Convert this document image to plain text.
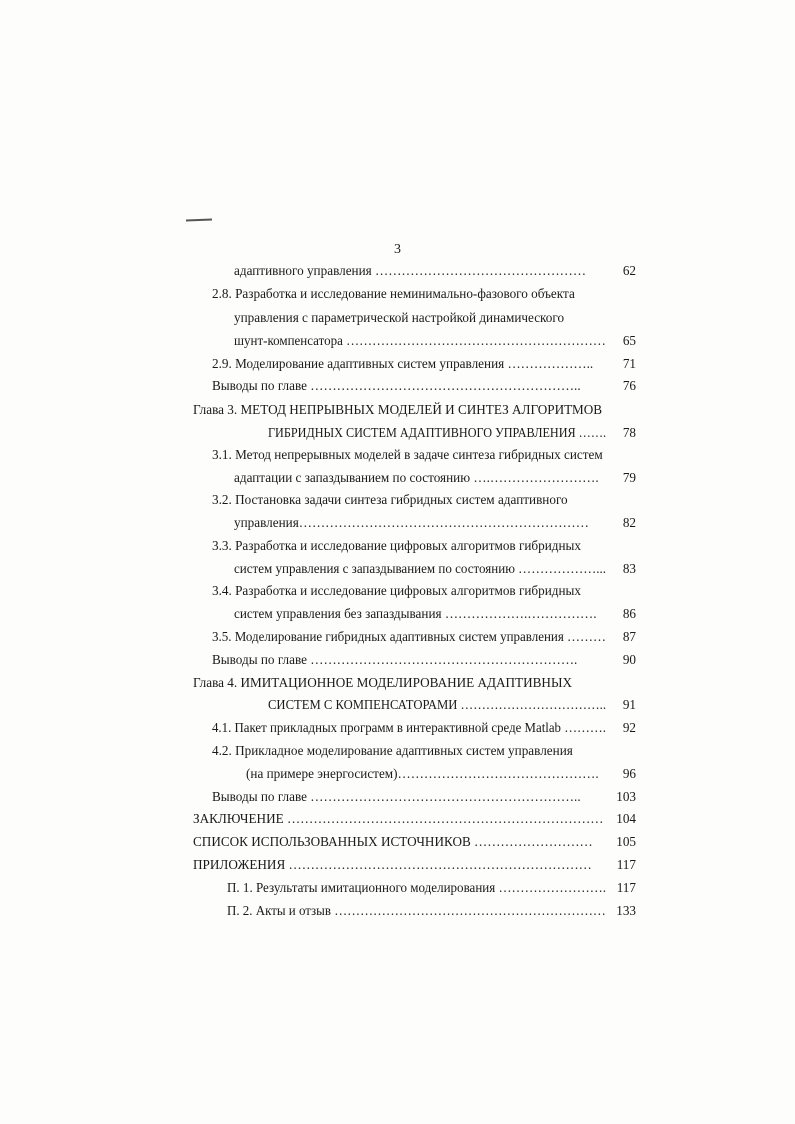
3
адаптивного управления …………………………………………	62
2.8. Разработка и исследование неминимально-фазового объекта
управления с параметрической настройкой динамического
шунт-компенсатора ……………………………………………………	65
2.9. Моделирование адаптивных систем управления ………………..	71
Выводы по главе ……………………………………………………..	76
Глава 3. МЕТОД НЕПРЫВНЫХ МОДЕЛЕЙ И СИНТЕЗ АЛГОРИТМОВ
ГИБРИДНЫХ СИСТЕМ АДАПТИВНОГО УПРАВЛЕНИЯ …….	78
3.1. Метод непрерывных моделей в задаче синтеза гибридных систем
адаптации с запаздыванием по состоянию ….…………………….	79
3.2. Постановка задачи синтеза гибридных систем адаптивного
управления…………………………………………………………	82
3.3. Разработка и исследование цифровых алгоритмов гибридных
систем управления с запаздыванием по состоянию ………………...	83
3.4. Разработка и исследование цифровых алгоритмов гибридных
систем управления без запаздывания ……………….…………….	86
3.5. Моделирование гибридных адаптивных систем управления ………	87
Выводы по главе …………………………………………………….	90
Глава 4. ИМИТАЦИОННОЕ МОДЕЛИРОВАНИЕ АДАПТИВНЫХ
СИСТЕМ С КОМПЕНСАТОРАМИ ……………………………..	91
4.1. Пакет прикладных программ в интерактивной среде Matlab ……….	92
4.2. Прикладное моделирование адаптивных систем управления
(на примере энергосистем)……………………………………….	96
Выводы по главе ……………………………………………………..	103
ЗАКЛЮЧЕНИЕ ……………………………………………………………… 104
СПИСОК ИСПОЛЬЗОВАННЫХ ИСТОЧНИКОВ ………………………	105
ПРИЛОЖЕНИЯ ……………………………………………………………	117
П. 1. Результаты имитационного моделирования ……………………. 117
П. 2. Акты и отзыв ……………………………………………………… 133
